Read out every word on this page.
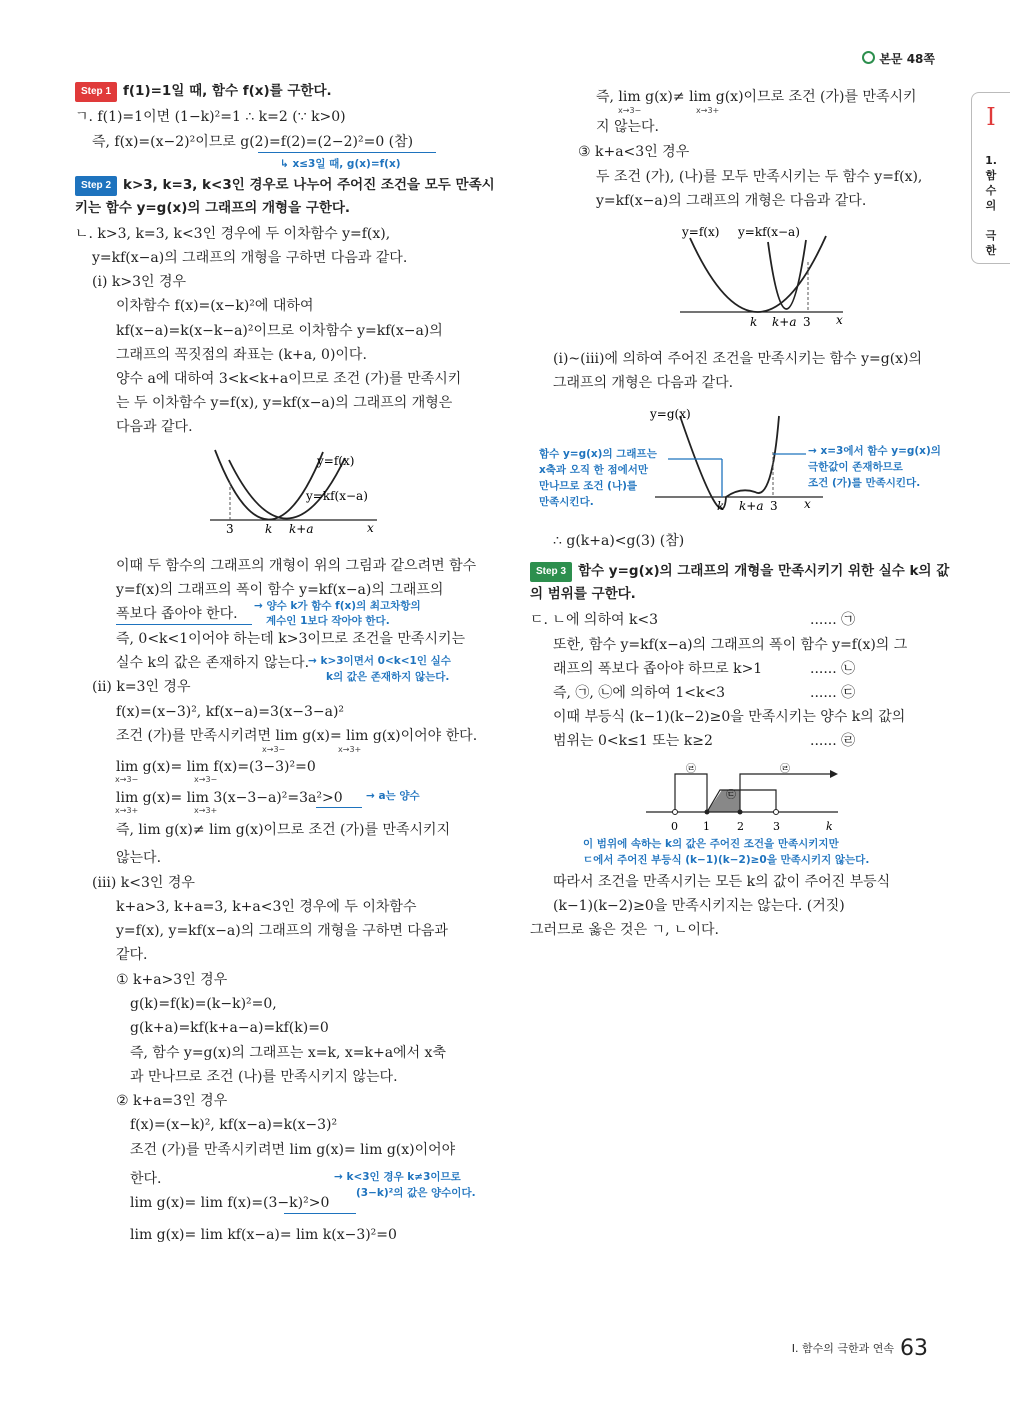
본문 48쪽
I
1.
함
수
의

극
한
Step 1 f(1)=1일 때, 함수 f(x)를 구한다.
ㄱ. f(1)=1이면 (1−k)²=1 ∴ k=2 (∵ k>0)
즉, f(x)=(x−2)²이므로 g(2)=f(2)=(2−2)²=0 (참)
↳ x≤3일 때, g(x)=f(x)
Step 2 k>3, k=3, k<3인 경우로 나누어 주어진 조건을 모두 만족시
키는 함수 y=g(x)의 그래프의 개형을 구한다.
ㄴ. k>3, k=3, k<3인 경우에 두 이차함수 y=f(x),
y=kf(x−a)의 그래프의 개형을 구하면 다음과 같다.
(i) k>3인 경우
이차함수 f(x)=(x−k)²에 대하여
kf(x−a)=k(x−k−a)²이므로 이차함수 y=kf(x−a)의
그래프의 꼭짓점의 좌표는 (k+a, 0)이다.
양수 a에 대하여 3<k<k+a이므로 조건 (가)를 만족시키
는 두 이차함수 y=f(x), y=kf(x−a)의 그래프의 개형은
다음과 같다.
y=f(x)
y=kf(x−a)
3	k k+a	x
이때 두 함수의 그래프의 개형이 위의 그림과 같으려면 함수
y=f(x)의 그래프의 폭이 함수 y=kf(x−a)의 그래프의
폭보다 좁아야 한다. → 양수 k가 함수 f(x)의 최고차항의
계수인 1보다 작아야 한다.
즉, 0<k<1이어야 하는데 k>3이므로 조건을 만족시키는
실수 k의 값은 존재하지 않는다.
→ k>3이면서 0<k<1인 실수
k의 값은 존재하지 않는다.
(ii) k=3인 경우
f(x)=(x−3)², kf(x−a)=3(x−3−a)²
조건 (가)를 만족시키려면 lim g(x)= lim g(x)이어야 한다.
x→3−	x→3+
lim g(x)= lim f(x)=(3−3)²=0
x→3−	x→3−
lim g(x)= lim 3(x−3−a)²=3a²>0
x→3+	x→3+
→ a는 양수
즉, lim g(x)≠ lim g(x)이므로 조건 (가)를 만족시키지
않는다.
(iii) k<3인 경우
k+a>3, k+a=3, k+a<3인 경우에 두 이차함수
y=f(x), y=kf(x−a)의 그래프의 개형을 구하면 다음과
같다.
① k+a>3인 경우
g(k)=f(k)=(k−k)²=0,
g(k+a)=kf(k+a−a)=kf(k)=0
즉, 함수 y=g(x)의 그래프는 x=k, x=k+a에서 x축
과 만나므로 조건 (나)를 만족시키지 않는다.
② k+a=3인 경우
f(x)=(x−k)², kf(x−a)=k(x−3)²
조건 (가)를 만족시키려면 lim g(x)= lim g(x)이어야
한다.	→ k<3인 경우 k≠3이므로
(3−k)²의 값은 양수이다.
lim g(x)= lim f(x)=(3−k)²>0
lim g(x)= lim kf(x−a)= lim k(x−3)²=0
즉, lim g(x)≠ lim g(x)이므로 조건 (가)를 만족시키
x→3−	x→3+
지 않는다.
③ k+a<3인 경우
두 조건 (가), (나)를 모두 만족시키는 두 함수 y=f(x),
y=kf(x−a)의 그래프의 개형은 다음과 같다.
y=f(x) y=kf(x−a)
k k+a 3 x
(i)~(iii)에 의하여 주어진 조건을 만족시키는 함수 y=g(x)의
그래프의 개형은 다음과 같다.
y=g(x)
k k+a 3 x
함수 y=g(x)의 그래프는
x축과 오직 한 점에서만
만나므로 조건 (나)를
만족시킨다.
→ x=3에서 함수 y=g(x)의
극한값이 존재하므로
조건 (가)를 만족시킨다.
∴ g(k+a)<g(3) (참)
Step 3 함수 y=g(x)의 그래프의 개형을 만족시키기 위한 실수 k의 값
의 범위를 구한다.
ㄷ. ㄴ에 의하여 k<3	...... ㉠
또한, 함수 y=kf(x−a)의 그래프의 폭이 함수 y=f(x)의 그
래프의 폭보다 좁아야 하므로 k>1	...... ㉡
즉, ㉠, ㉡에 의하여 1<k<3	...... ㉢
이때 부등식 (k−1)(k−2)≥0을 만족시키는 양수 k의 값의
범위는 0<k≤1 또는 k≥2	...... ㉣
㉣	㉣
㉢
0 1 2	3	k
이 범위에 속하는 k의 값은 주어진 조건을 만족시키지만
ㄷ에서 주어진 부등식 (k−1)(k−2)≥0을 만족시키지 않는다.
따라서 조건을 만족시키는 모든 k의 값이 주어진 부등식
(k−1)(k−2)≥0을 만족시키지는 않는다. (거짓)
그러므로 옳은 것은 ㄱ, ㄴ이다.
I. 함수의 극한과 연속 63
